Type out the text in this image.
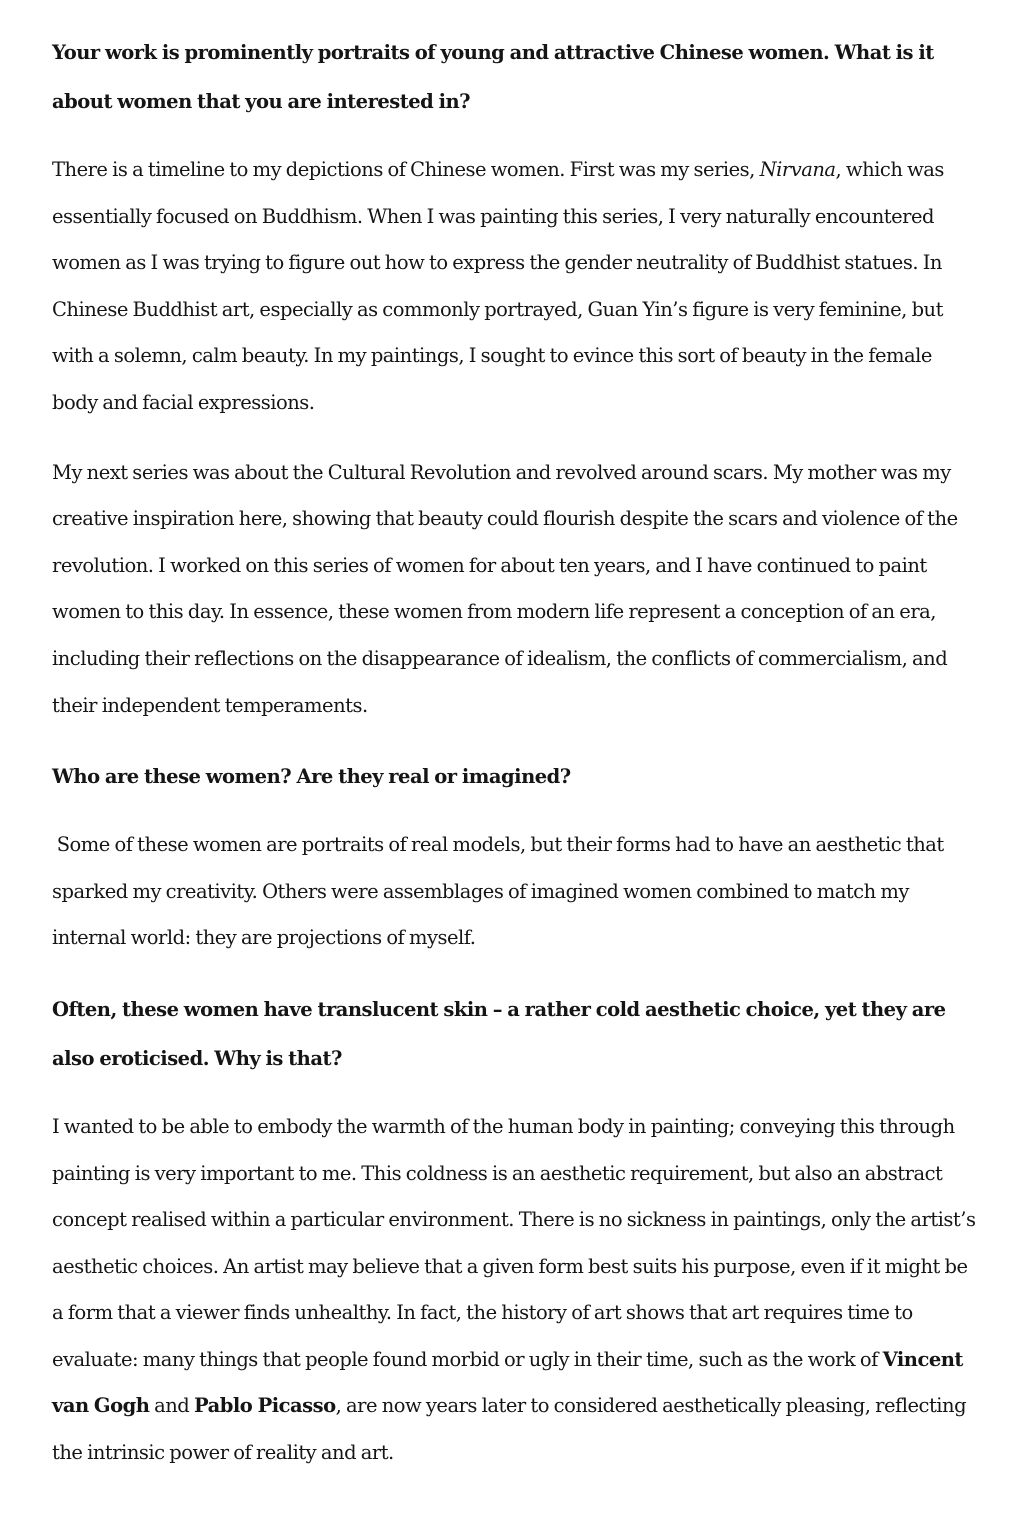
Your work is prominently portraits of young and attractive Chinese women. What is it about women that you are interested in?

There is a timeline to my depictions of Chinese women. First was my series, Nirvana, which was essentially focused on Buddhism. When I was painting this series, I very naturally encountered women as I was trying to figure out how to express the gender neutrality of Buddhist statues. In Chinese Buddhist art, especially as commonly portrayed, Guan Yin’s figure is very feminine, but with a solemn, calm beauty. In my paintings, I sought to evince this sort of beauty in the female body and facial expressions.

My next series was about the Cultural Revolution and revolved around scars. My mother was my creative inspiration here, showing that beauty could flourish despite the scars and violence of the revolution. I worked on this series of women for about ten years, and I have continued to paint women to this day. In essence, these women from modern life represent a conception of an era, including their reflections on the disappearance of idealism, the conflicts of commercialism, and their independent temperaments.

Who are these women? Are they real or imagined?

Some of these women are portraits of real models, but their forms had to have an aesthetic that sparked my creativity. Others were assemblages of imagined women combined to match my internal world: they are projections of myself.

Often, these women have translucent skin – a rather cold aesthetic choice, yet they are also eroticised. Why is that?

I wanted to be able to embody the warmth of the human body in painting; conveying this through painting is very important to me. This coldness is an aesthetic requirement, but also an abstract concept realised within a particular environment. There is no sickness in paintings, only the artist’s aesthetic choices. An artist may believe that a given form best suits his purpose, even if it might be a form that a viewer finds unhealthy. In fact, the history of art shows that art requires time to evaluate: many things that people found morbid or ugly in their time, such as the work of Vincent van Gogh and Pablo Picasso, are now years later to considered aesthetically pleasing, reflecting the intrinsic power of reality and art.
